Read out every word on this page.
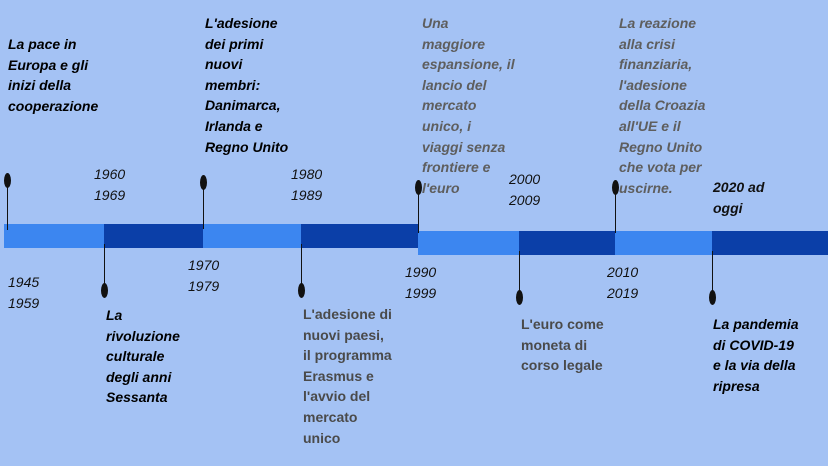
1945
1959
1960
1969
1970
1979
1980
1989
1990
1999
2000
2009
2010
2019
2020 ad
oggi
La pace in
Europa e gli
inizi della
cooperazione
La
rivoluzione
culturale
degli anni
Sessanta
L'adesione
dei primi
nuovi
membri:
Danimarca,
Irlanda e
Regno Unito
L'adesione di
nuovi paesi,
il programma
Erasmus e
l'avvio del
mercato
unico
Una
maggiore
espansione, il
lancio del
mercato
unico, i
viaggi senza
frontiere e
l'euro
L'euro come
moneta di
corso legale
La reazione
alla crisi
finanziaria,
l'adesione
della Croazia
all'UE e il
Regno Unito
che vota per
uscirne.
La pandemia
di COVID-19
e la via della
ripresa
